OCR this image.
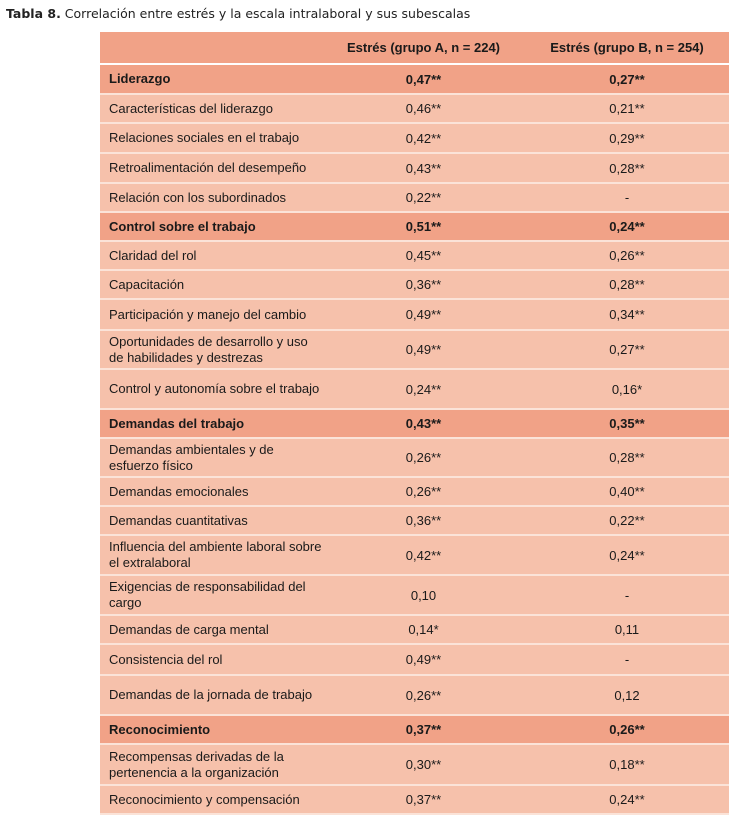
Tabla 8. Correlación entre estrés y la escala intralaboral y sus subescalas
	Estrés (grupo A, n = 224)	Estrés (grupo B, n = 254)
Liderazgo	0,47**	0,27**
Características del liderazgo	0,46**	0,21**
Relaciones sociales en el trabajo	0,42**	0,29**
Retroalimentación del desempeño	0,43**	0,28**
Relación con los subordinados	0,22**	-
Control sobre el trabajo	0,51**	0,24**
Claridad del rol	0,45**	0,26**
Capacitación	0,36**	0,28**
Participación y manejo del cambio	0,49**	0,34**
Oportunidades de desarrollo y uso de habilidades y destrezas	0,49**	0,27**
Control y autonomía sobre el trabajo	0,24**	0,16*
Demandas del trabajo	0,43**	0,35**
Demandas ambientales y de esfuerzo físico	0,26**	0,28**
Demandas emocionales	0,26**	0,40**
Demandas cuantitativas	0,36**	0,22**
Influencia del ambiente laboral sobre el extralaboral	0,42**	0,24**
Exigencias de responsabilidad del cargo	0,10	-
Demandas de carga mental	0,14*	0,11
Consistencia del rol	0,49**	-
Demandas de la jornada de trabajo	0,26**	0,12
Reconocimiento	0,37**	0,26**
Recompensas derivadas de la pertenencia a la organización	0,30**	0,18**
Reconocimiento y compensación	0,37**	0,24**
